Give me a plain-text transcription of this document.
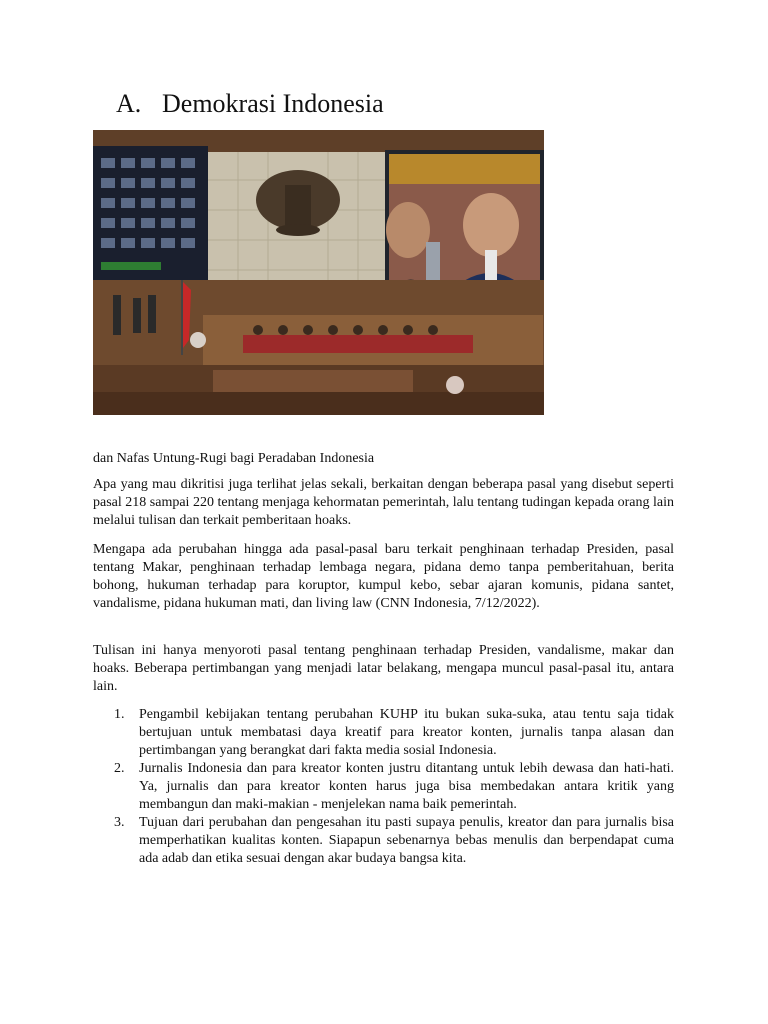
A. Demokrasi Indonesia
dan Nafas Untung-Rugi bagi Peradaban Indonesia

Apa yang mau dikritisi juga terlihat jelas sekali, berkaitan dengan beberapa pasal yang disebut seperti pasal 218 sampai 220 tentang menjaga kehormatan pemerintah, lalu tentang tudingan kepada orang lain melalui tulisan dan terkait pemberitaan hoaks.

Mengapa ada perubahan hingga ada pasal-pasal baru terkait penghinaan terhadap Presiden, pasal tentang Makar, penghinaan terhadap lembaga negara, pidana demo tanpa pemberitahuan, berita bohong, hukuman terhadap para koruptor, kumpul kebo, sebar ajaran komunis, pidana santet, vandalisme, pidana hukuman mati, dan living law (CNN Indonesia, 7/12/2022).

Tulisan ini hanya menyoroti pasal tentang penghinaan terhadap Presiden, vandalisme, makar dan hoaks. Beberapa pertimbangan yang menjadi latar belakang, mengapa muncul pasal-pasal itu, antara lain.

1. Pengambil kebijakan tentang perubahan KUHP itu bukan suka-suka, atau tentu saja tidak bertujuan untuk membatasi daya kreatif para kreator konten, jurnalis tanpa alasan dan pertimbangan yang berangkat dari fakta media sosial Indonesia.
2. Jurnalis Indonesia dan para kreator konten justru ditantang untuk lebih dewasa dan hati-hati. Ya, jurnalis dan para kreator konten harus juga bisa membedakan antara kritik yang membangun dan maki-makian - menjelekan nama baik pemerintah.
3. Tujuan dari perubahan dan pengesahan itu pasti supaya penulis, kreator dan para jurnalis bisa memperhatikan kualitas konten. Siapapun sebenarnya bebas menulis dan berpendapat cuma ada adab dan etika sesuai dengan akar budaya bangsa kita.
